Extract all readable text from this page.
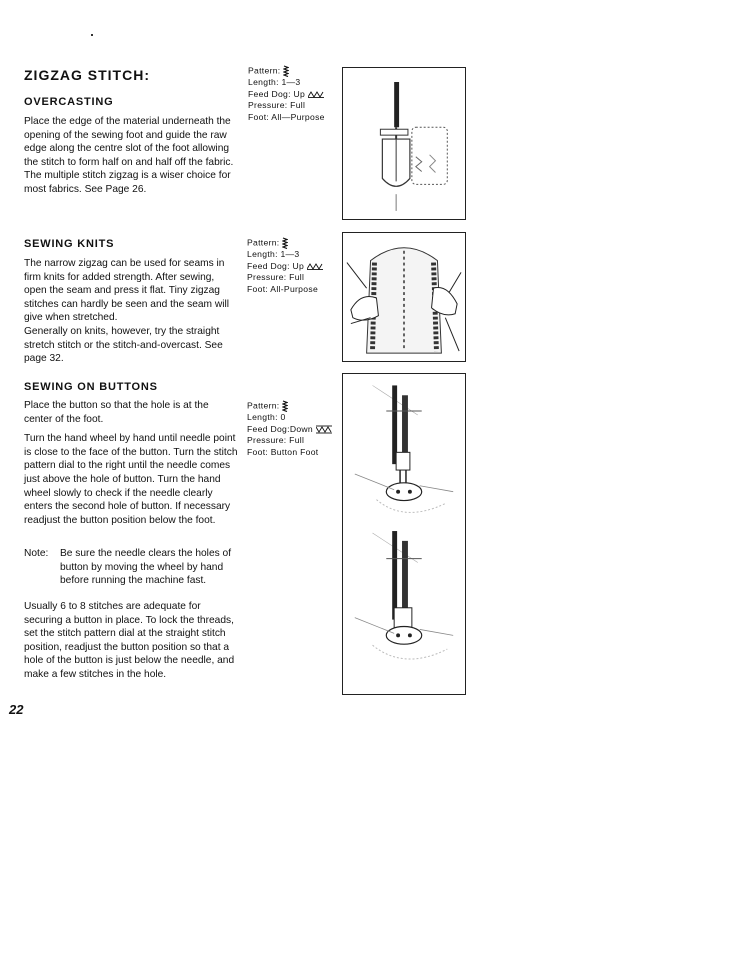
ZIGZAG STITCH:
OVERCASTING

Place the edge of the material underneath the opening of the sewing foot and guide the raw edge along the centre slot of the foot allowing the stitch to form half on and half off the fabric.

The multiple stitch zigzag is a wiser choice for most fabrics. See Page 26.

Pattern:
Length: 1—3
Feed Dog: Up
Pressure: Full
Foot: All—Purpose
SEWING KNITS

The narrow zigzag can be used for seams in firm knits for added strength. After sewing, open the seam and press it flat. Tiny zigzag stitches can hardly be seen and the seam will give when stretched.

Generally on knits, however, try the straight stretch stitch or the stitch-and-overcast. See page 32.

Pattern:
Length: 1—3
Feed Dog: Up
Pressure: Full
Foot: All-Purpose
SEWING ON BUTTONS

Place the button so that the hole is at the center of the foot.

Turn the hand wheel by hand until needle point is close to the face of the button. Turn the stitch pattern dial to the right until the needle comes just above the hole of button. Turn the hand wheel slowly to check if the needle clearly enters the second hole of button. If necessary readjust the button position below the foot.

Note:	Be sure the needle clears the holes of button by moving the wheel by hand before running the machine fast.

Usually 6 to 8 stitches are adequate for securing a button in place. To lock the threads, set the stitch pattern dial at the straight stitch position, readjust the button position so that a hole of the button is just below the needle, and make a few stitches in the hole.

Pattern:
Length: 0
Feed Dog:Down
Pressure: Full
Foot: Button Foot
22
